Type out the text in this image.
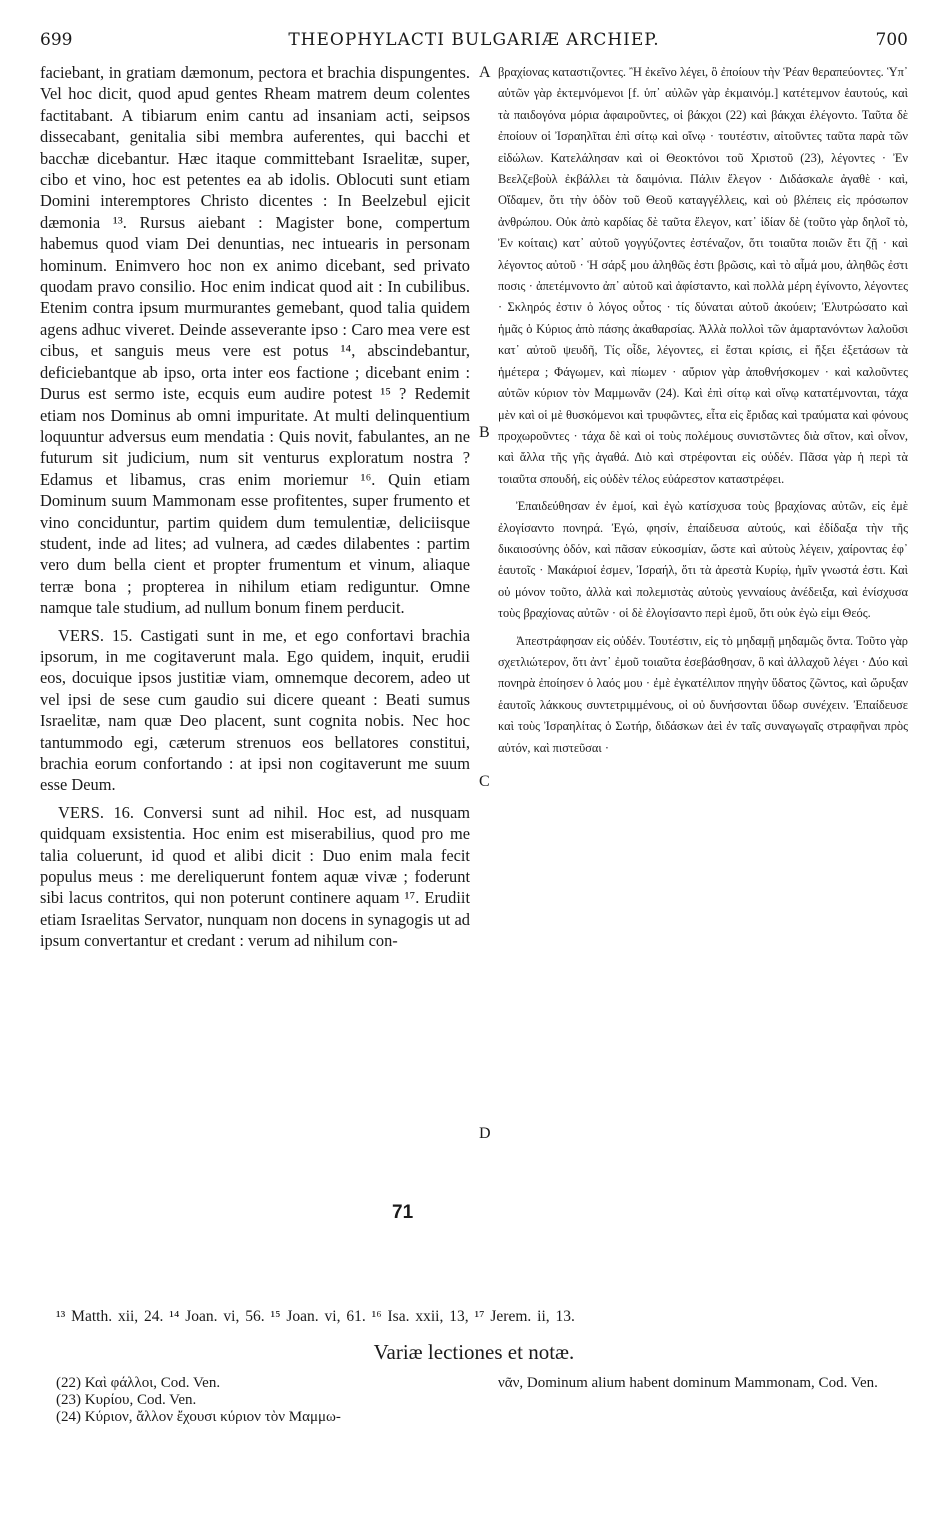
699	THEOPHYLACTI BULGARIÆ ARCHIEP.	700

faciebant, in gratiam dæmonum, pectora et brachia dispungentes. Vel hoc dicit, quod apud gentes Rheam matrem deum colentes factitabant. A tibiarum enim cantu ad insaniam acti, seipsos dissecabant, genitalia sibi membra auferentes, qui bacchi et bacchæ dicebantur. Hæc itaque committebant Israelitæ, super, cibo et vino, hoc est petentes ea ab idolis. Oblocuti sunt etiam Domini interemptores Christo dicentes : In Beelzebul ejicit dæmonia ¹³. Rursus aiebant : Magister bone, compertum habemus quod viam Dei denuntias, nec intuearis in personam hominum. Enimvero hoc non ex animo dicebant, sed privato quodam pravo consilio. Hoc enim indicat quod ait : In cubilibus. Etenim contra ipsum murmurantes gemebant, quod talia quidem agens adhuc viveret. Deinde asseverante ipso : Caro mea vere est cibus, et sanguis meus vere est potus ¹⁴, abscindebantur, deficiebantque ab ipso, orta inter eos factione ; dicebant enim : Durus est sermo iste, ecquis eum audire potest ¹⁵ ? Redemit etiam nos Dominus ab omni impuritate. At multi delinquentium loquuntur adversus eum mendatia : Quis novit, fabulantes, an ne futurum sit judicium, num sit venturus exploratum nostra ? Edamus et libamus, cras enim moriemur ¹⁶. Quin etiam Dominum suum Mammonam esse profitentes, super frumento et vino conciduntur, partim quidem dum temulentiæ, deliciisque student, inde ad lites; ad vulnera, ad cædes dilabentes : partim vero dum bella cient et propter frumentum et vinum, aliaque terræ bona ; propterea in nihilum etiam rediguntur. Omne namque tale studium, ad nullum bonum finem perducit.

VERS. 15. Castigati sunt in me, et ego confortavi brachia ipsorum, in me cogitaverunt mala. Ego quidem, inquit, erudii eos, docuique ipsos justitiæ viam, omnemque decorem, adeo ut vel ipsi de sese cum gaudio sui dicere queant : Beati sumus Israelitæ, nam quæ Deo placent, sunt cognita nobis. Nec hoc tantummodo egi, cæterum strenuos eos bellatores constitui, brachia eorum confortando : at ipsi non cogitaverunt me suum esse Deum.

VERS. 16. Conversi sunt ad nihil. Hoc est, ad nusquam quidquam exsistentia. Hoc enim est miserabilius, quod pro me talia coluerunt, id quod et alibi dicit : Duo enim mala fecit populus meus : me dereliquerunt fontem aquæ vivæ ; foderunt sibi lacus contritos, qui non poterunt continere aquam ¹⁷. Erudiit etiam Israelitas Servator, nunquam non docens in synagogis ut ad ipsum convertantur et credant : verum ad nihilum con-

A
B
C
D

βραχίονας καταστιζοντες. Ἢ ἐκεῖνο λέγει, ὃ ἐποίουν τὴν Ῥέαν θεραπεύοντες. Ὑπ᾽ αὐτῶν γὰρ ἐκτεμνόμενοι [f. ὑπ᾽ αὐλῶν γὰρ ἐκμαινόμ.] κατέτεμνον ἑαυτούς, καὶ τὰ παιδογόνα μόρια ἀφαιροῦντες, οἱ βάκχοι (22) καὶ βάκχαι ἐλέγοντο. Ταῦτα δὲ ἐποίουν οἱ Ἰσραηλῖται ἐπὶ σίτῳ καὶ οἴνῳ · τουτέστιν, αἰτοῦντες ταῦτα παρὰ τῶν εἰδώλων. Κατελάλησαν καὶ οἱ Θεοκτόνοι τοῦ Χριστοῦ (23), λέγοντες · Ἐν Βεελζεβοὺλ ἐκβάλλει τὰ δαιμόνια. Πάλιν ἔλεγον · Διδάσκαλε ἀγαθὲ · καὶ, Οἴδαμεν, ὅτι τὴν ὁδὸν τοῦ Θεοῦ καταγγέλλεις, καὶ οὐ βλέπεις εἰς πρόσωπον ἀνθρώπου. Οὐκ ἀπὸ καρδίας δὲ ταῦτα ἔλεγον, κατ᾽ ἰδίαν δὲ (τοῦτο γὰρ δηλοῖ τὸ, Ἐν κοίταις) κατ᾽ αὐτοῦ γογγύζοντες ἐστέναζον, ὅτι τοιαῦτα ποιῶν ἔτι ζῇ · καὶ λέγοντος αὐτοῦ · Ἡ σάρξ μου ἀληθῶς ἐστι βρῶσις, καὶ τὸ αἷμά μου, ἀληθῶς ἐστι ποσις · ἀπετέμνοντο ἀπ᾽ αὐτοῦ καὶ ἀφίσταντο, καὶ πολλὰ μέρη ἐγίνοντο, λέγοντες · Σκληρός ἐστιν ὁ λόγος οὗτος · τίς δύναται αὐτοῦ ἀκούειν; Ἐλυτρώσατο καὶ ἡμᾶς ὁ Κύριος ἀπὸ πάσης ἀκαθαρσίας. Ἀλλὰ πολλοὶ τῶν ἁμαρτανόντων λαλοῦσι κατ᾽ αὐτοῦ ψευδῆ, Τίς οἶδε, λέγοντες, εἰ ἔσται κρίσις, εἰ ἥξει ἐξετάσων τὰ ἡμέτερα ; Φάγωμεν, καὶ πίωμεν · αὔριον γὰρ ἀποθνήσκομεν · καὶ καλοῦντες αὐτῶν κύριον τὸν Μαμμωνᾶν (24). Καὶ ἐπὶ σίτῳ καὶ οἴνῳ κατατέμνονται, τάχα μὲν καὶ οἱ μὲ θυσκόμενοι καὶ τρυφῶντες, εἶτα εἰς ἔριδας καὶ τραύματα καὶ φόνους προχωροῦντες · τάχα δὲ καὶ οἱ τοὺς πολέμους συνιστῶντες διὰ σῖτον, καὶ οἶνον, καὶ ἄλλα τῆς γῆς ἀγαθά. Διὸ καὶ στρέφονται εἰς οὐδέν. Πᾶσα γὰρ ἡ περὶ τὰ τοιαῦτα σπουδή, εἰς οὐδὲν τέλος εὐάρεστον καταστρέφει.

Ἐπαιδεύθησαν ἐν ἐμοί, καὶ ἐγὼ κατίσχυσα τοὺς βραχίονας αὐτῶν, εἰς ἐμὲ ἐλογίσαντο πονηρά. Ἐγώ, φησίν, ἐπαίδευσα αὐτούς, καὶ ἐδίδαξα τὴν τῆς δικαιοσύνης ὁδόν, καὶ πᾶσαν εὐκοσμίαν, ὥστε καὶ αὐτοὺς λέγειν, χαίροντας ἐφ᾽ ἑαυτοῖς · Μακάριοί ἐσμεν, Ἰσραήλ, ὅτι τὰ ἀρεστὰ Κυρίῳ, ἡμῖν γνωστά ἐστι. Καὶ οὐ μόνον τοῦτο, ἀλλὰ καὶ πολεμιστὰς αὐτοὺς γενναίους ἀνέδειξα, καὶ ἐνίσχυσα τοὺς βραχίονας αὐτῶν · οἱ δὲ ἐλογίσαντο περὶ ἐμοῦ, ὅτι οὐκ ἐγὼ εἰμι Θεός.

Ἀπεστράφησαν εἰς οὐδέν. Τουτέστιν, εἰς τὸ μηδαμῇ μηδαμῶς ὄντα. Τοῦτο γὰρ σχετλιώτερον, ὅτι ἀντ᾽ ἐμοῦ τοιαῦτα ἐσεβάσθησαν, ὃ καὶ ἀλλαχοῦ λέγει · Δύο καὶ πονηρὰ ἐποίησεν ὁ λαός μου · ἐμὲ ἐγκατέλιπον πηγὴν ὕδατος ζῶντος, καὶ ὤρυξαν ἑαυτοῖς λάκκους συντετριμμένους, οἱ οὐ δυνήσονται ὕδωρ συνέχειν. Ἐπαίδευσε καὶ τοὺς Ἰσραηλίτας ὁ Σωτήρ, διδάσκων ἀεὶ ἐν ταῖς συναγωγαῖς στραφῆναι πρὸς αὐτόν, καὶ πιστεῦσαι ·

71
¹³ Matth. xii, 24. ¹⁴ Joan. vi, 56. ¹⁵ Joan. vi, 61. ¹⁶ Isa. xxii, 13, ¹⁷ Jerem. ii, 13.
Variæ lectiones et notæ.
(22) Καὶ φάλλοι, Cod. Ven.
(23) Κυρίου, Cod. Ven.
(24) Κύριον, ἄλλον ἔχουσι κύριον τὸν Μαμμω-
νᾶν, Dominum alium habent dominum Mammonam, Cod. Ven.
